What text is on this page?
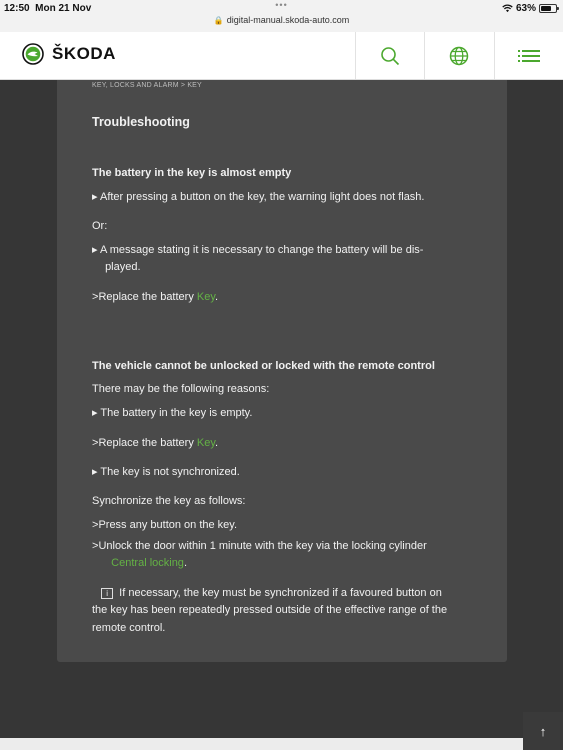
12:50 Mon 21 Nov	•••
🔒 digital-manual.skoda-auto.com
63%
ŠKODA
KEY, LOCKS AND ALARM > KEY
Troubleshooting
The battery in the key is almost empty
▸ After pressing a button on the key, the warning light does not flash.
Or:
▸ A message stating it is necessary to change the battery will be dis-
played.
>Replace the battery Key.
The vehicle cannot be unlocked or locked with the remote control
There may be the following reasons:
▸ The battery in the key is empty.
>Replace the battery Key.
▸ The key is not synchronized.
Synchronize the key as follows:
>Press any button on the key.
>Unlock the door within 1 minute with the key via the locking cylinder
Central locking.
i If necessary, the key must be synchronized if a favoured button on
the key has been repeatedly pressed outside of the effective range of the
remote control.
↑
